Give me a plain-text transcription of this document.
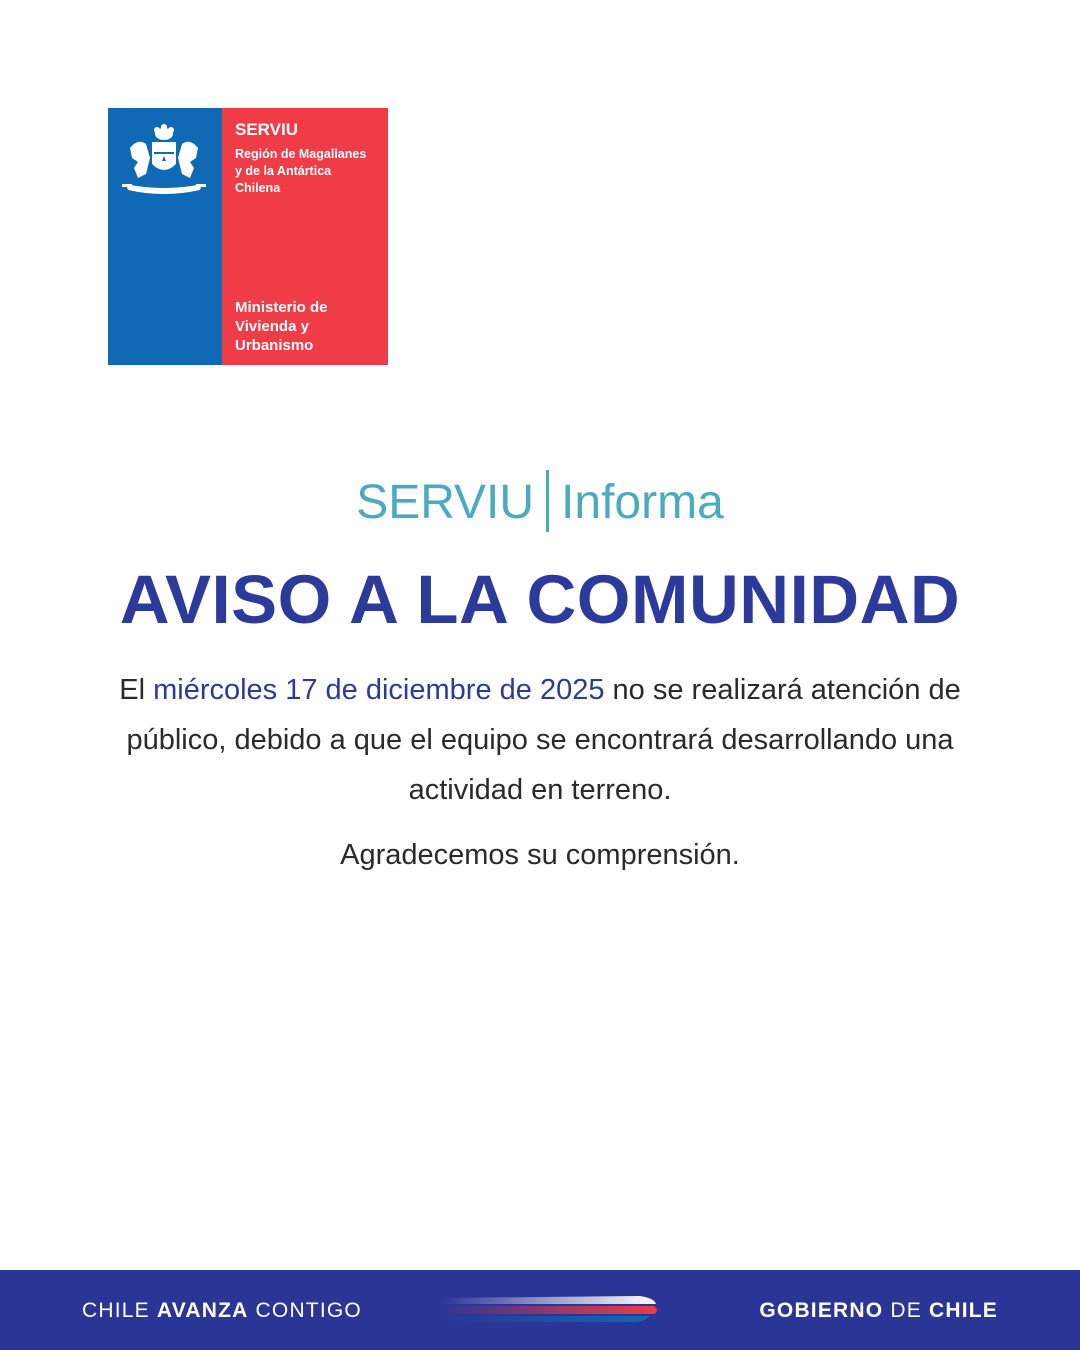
SERVIU
Región de Magallanes
y de la Antártica
Chilena
Ministerio de
Vivienda y
Urbanismo
SERVIU Informa
AVISO A LA COMUNIDAD
El miércoles 17 de diciembre de 2025 no se realizará atención de público, debido a que el equipo se encontrará desarrollando una actividad en terreno.
Agradecemos su comprensión.
CHILE AVANZA CONTIGO	GOBIERNO DE CHILE
